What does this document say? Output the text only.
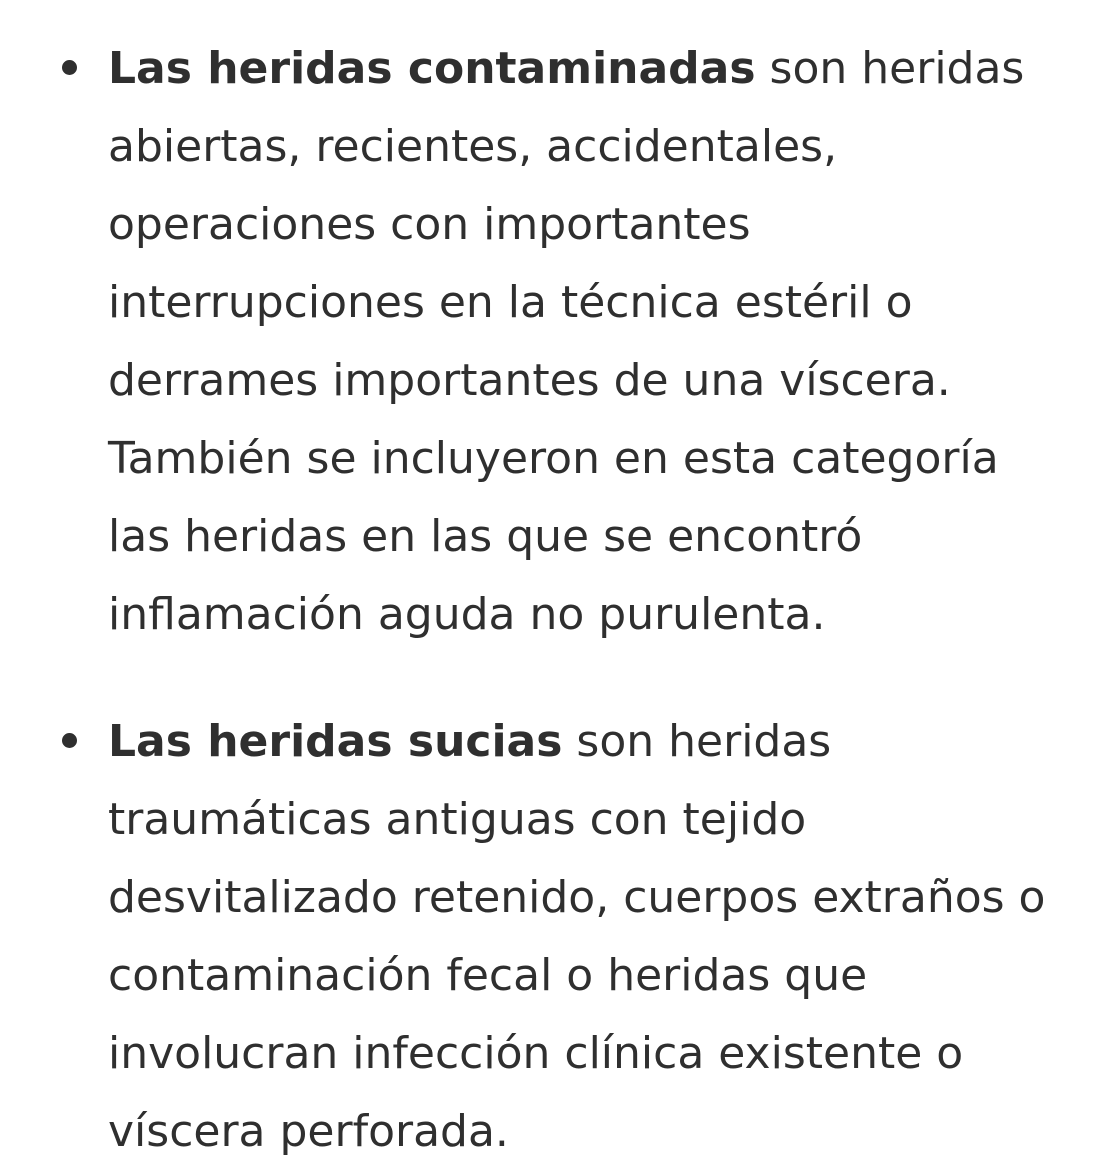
Las heridas contaminadas son heridas abiertas, recientes, accidentales, operaciones con importantes interrupciones en la técnica estéril o derrames importantes de una víscera. También se incluyeron en esta categoría las heridas en las que se encontró inflamación aguda no purulenta.

Las heridas sucias son heridas traumáticas antiguas con tejido desvitalizado retenido, cuerpos extraños o contaminación fecal o heridas que involucran infección clínica existente o víscera perforada.
